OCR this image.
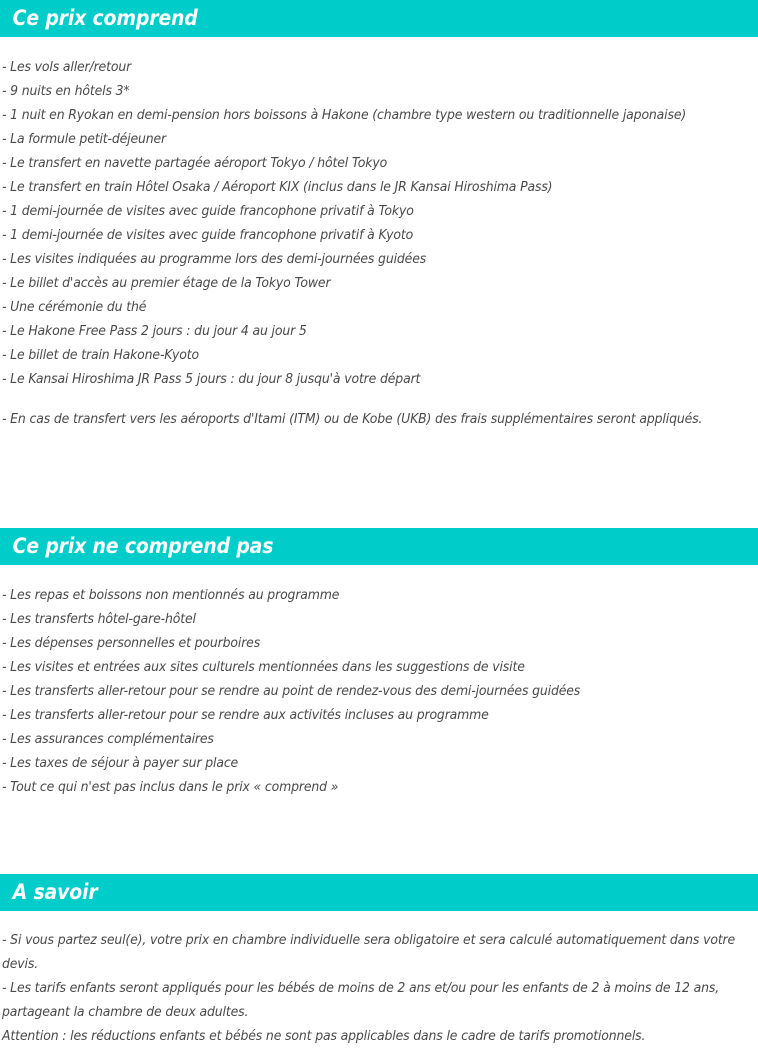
Ce prix comprend
- Les vols aller/retour
- 9 nuits en hôtels 3*
- 1 nuit en Ryokan en demi-pension hors boissons à Hakone (chambre type western ou traditionnelle japonaise)
- La formule petit-déjeuner
- Le transfert en navette partagée aéroport Tokyo / hôtel Tokyo
- Le transfert en train Hôtel Osaka / Aéroport KIX (inclus dans le JR Kansai Hiroshima Pass)
- 1 demi-journée de visites avec guide francophone privatif à Tokyo
- 1 demi-journée de visites avec guide francophone privatif à Kyoto
- Les visites indiquées au programme lors des demi-journées guidées
- Le billet d'accès au premier étage de la Tokyo Tower
- Une cérémonie du thé
- Le Hakone Free Pass 2 jours : du jour 4 au jour 5
- Le billet de train Hakone-Kyoto
- Le Kansai Hiroshima JR Pass 5 jours : du jour 8 jusqu'à votre départ
- En cas de transfert vers les aéroports d'Itami (ITM) ou de Kobe (UKB) des frais supplémentaires seront appliqués.
Ce prix ne comprend pas
- Les repas et boissons non mentionnés au programme
- Les transferts hôtel-gare-hôtel
- Les dépenses personnelles et pourboires
- Les visites et entrées aux sites culturels mentionnées dans les suggestions de visite
- Les transferts aller-retour pour se rendre au point de rendez-vous des demi-journées guidées
- Les transferts aller-retour pour se rendre aux activités incluses au programme
- Les assurances complémentaires
- Les taxes de séjour à payer sur place
- Tout ce qui n'est pas inclus dans le prix « comprend »
A savoir
- Si vous partez seul(e), votre prix en chambre individuelle sera obligatoire et sera calculé automatiquement dans votre devis.
- Les tarifs enfants seront appliqués pour les bébés de moins de 2 ans et/ou pour les enfants de 2 à moins de 12 ans, partageant la chambre de deux adultes.
Attention : les réductions enfants et bébés ne sont pas applicables dans le cadre de tarifs promotionnels.
